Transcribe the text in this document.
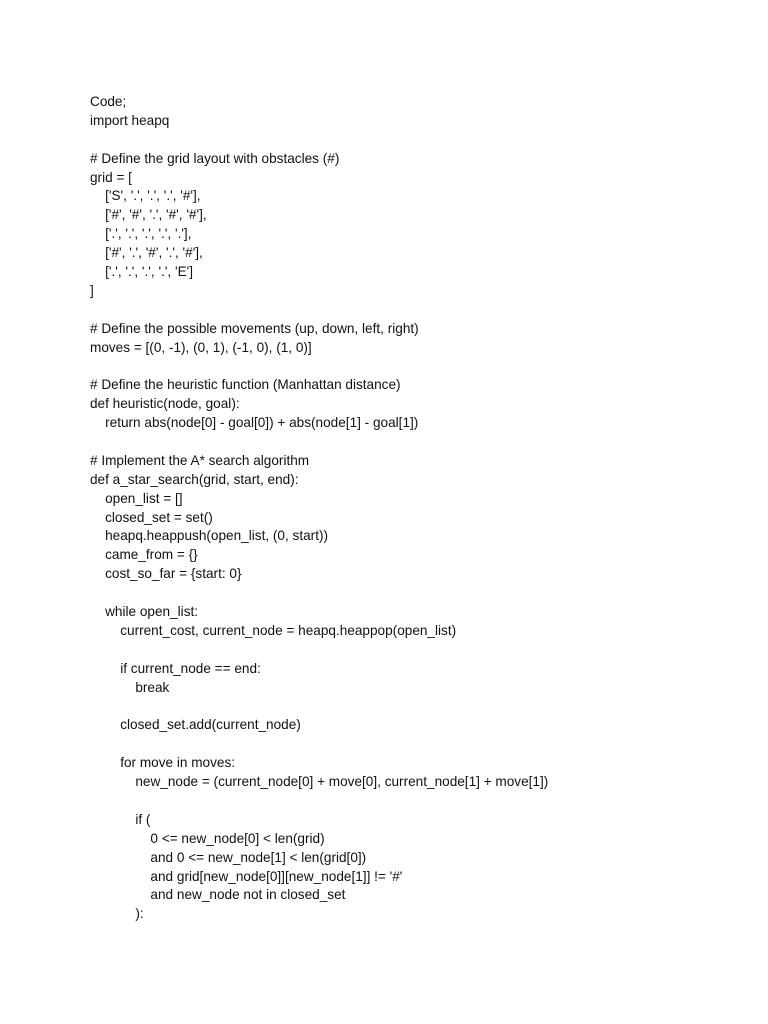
Code;
import heapq
# Define the grid layout with obstacles (#)
grid = [
['S', '.', '.', '.', '#'],
['#', '#', '.', '#', '#'],
['.', '.', '.', '.', '.'],
['#', '.', '#', '.', '#'],
['.', '.', '.', '.', 'E']
]
# Define the possible movements (up, down, left, right)
moves = [(0, -1), (0, 1), (-1, 0), (1, 0)]
# Define the heuristic function (Manhattan distance)
def heuristic(node, goal):
return abs(node[0] - goal[0]) + abs(node[1] - goal[1])
# Implement the A* search algorithm
def a_star_search(grid, start, end):
open_list = []
closed_set = set()
heapq.heappush(open_list, (0, start))
came_from = {}
cost_so_far = {start: 0}
while open_list:
current_cost, current_node = heapq.heappop(open_list)
if current_node == end:
break
closed_set.add(current_node)
for move in moves:
new_node = (current_node[0] + move[0], current_node[1] + move[1])
if (
0 <= new_node[0] < len(grid)
and 0 <= new_node[1] < len(grid[0])
and grid[new_node[0]][new_node[1]] != '#'
and new_node not in closed_set
):
